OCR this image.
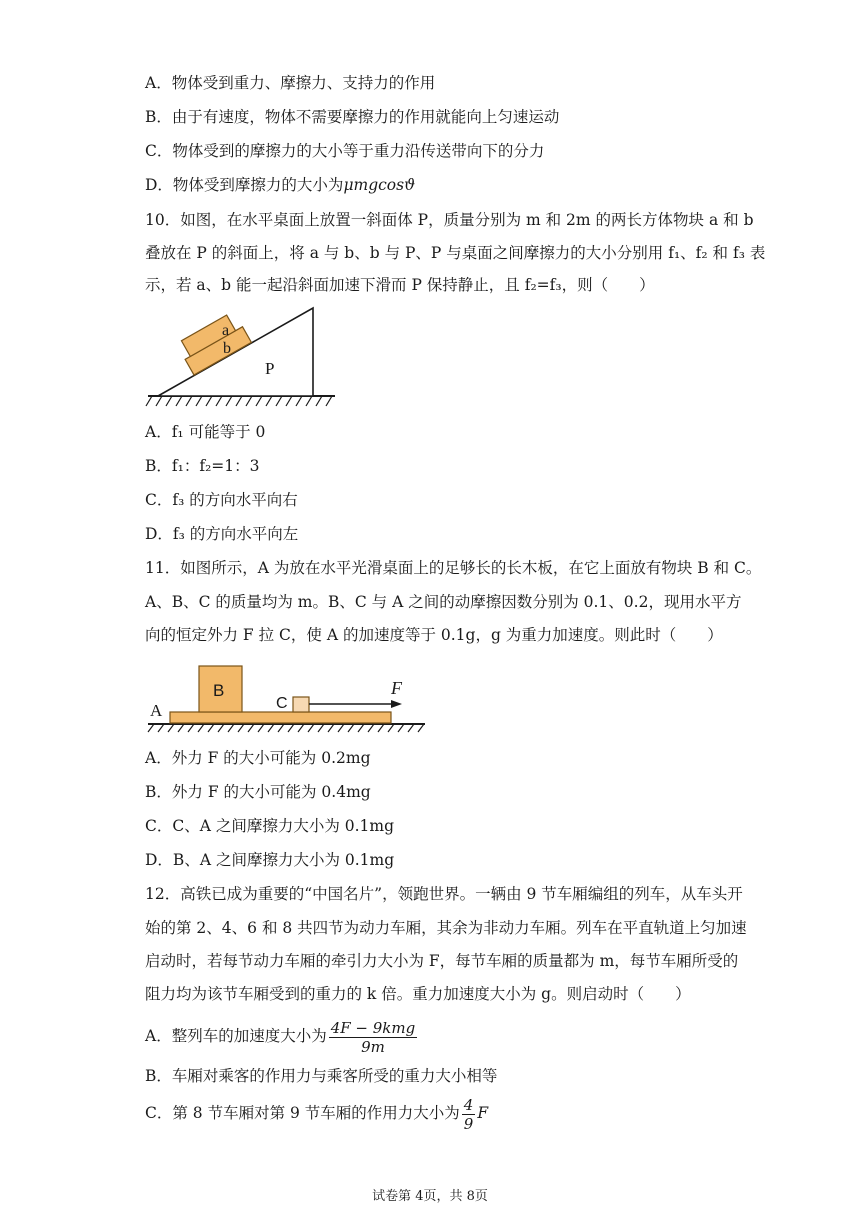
A．物体受到重力、摩擦力、支持力的作用
B．由于有速度，物体不需要摩擦力的作用就能向上匀速运动
C．物体受到的摩擦力的大小等于重力沿传送带向下的分力
D．物体受到摩擦力的大小为μmgcosϑ
10．如图，在水平桌面上放置一斜面体 P，质量分别为 m 和 2m 的两长方体物块 a 和 b
叠放在 P 的斜面上，将 a 与 b、b 与 P、P 与桌面之间摩擦力的大小分别用 f₁、f₂ 和 f₃ 表
示，若 a、b 能一起沿斜面加速下滑而 P 保持静止，且 f₂=f₃，则（　　）
a
b
P
A．f₁ 可能等于 0
B．f₁：f₂=1：3
C．f₃ 的方向水平向右
D．f₃ 的方向水平向左
11．如图所示，A 为放在水平光滑桌面上的足够长的长木板，在它上面放有物块 B 和 C。
A、B、C 的质量均为 m。B、C 与 A 之间的动摩擦因数分别为 0.1、0.2，现用水平方
向的恒定外力 F 拉 C，使 A 的加速度等于 0.1g，g 为重力加速度。则此时（　　）
A
B
C
F
A．外力 F 的大小可能为 0.2mg
B．外力 F 的大小可能为 0.4mg
C．C、A 之间摩擦力大小为 0.1mg
D．B、A 之间摩擦力大小为 0.1mg
12．高铁已成为重要的“中国名片”，领跑世界。一辆由 9 节车厢编组的列车，从车头开
始的第 2、4、6 和 8 共四节为动力车厢，其余为非动力车厢。列车在平直轨道上匀加速
启动时，若每节动力车厢的牵引力大小为 F，每节车厢的质量都为 m，每节车厢所受的
阻力均为该节车厢受到的重力的 k 倍。重力加速度大小为 g。则启动时（　　）
A．整列车的加速度大小为 $\frac{\text{4F − 9kmg}}{9m}$
B．车厢对乘客的作用力与乘客所受的重力大小相等
C．第 8 节车厢对第 9 节车厢的作用力大小为 $\frac{4}{9}$ F
试卷第 4页，共 8页
